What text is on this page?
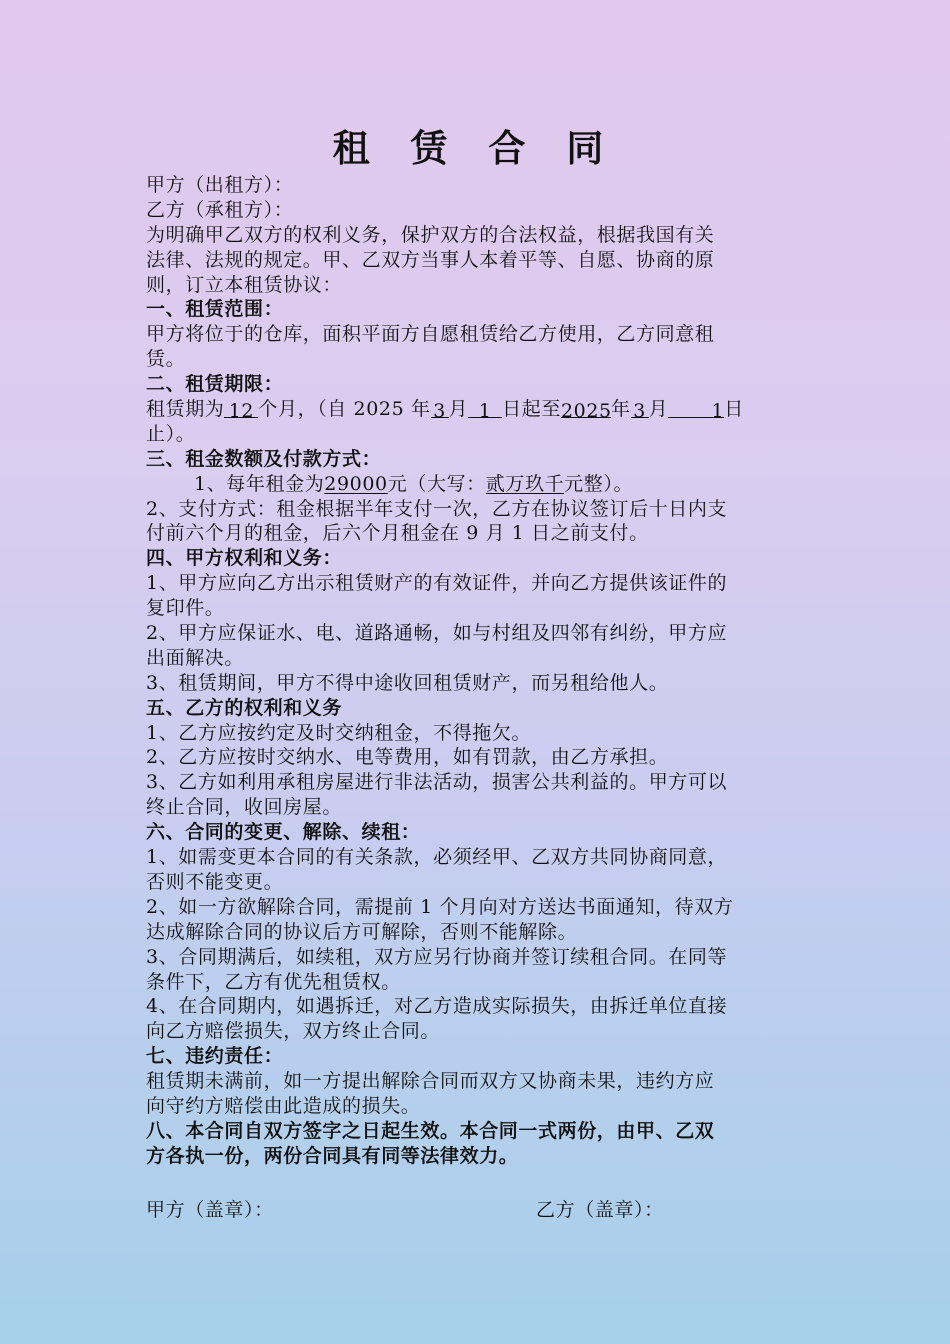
租 赁 合 同
甲方（出租方）：
乙方（承租方）：
为明确甲乙双方的权利义务，保护双方的合法权益，根据我国有关
法律、法规的规定。甲、乙双方当事人本着平等、自愿、协商的原
则，订立本租赁协议：
一、租赁范围：
甲方将位于的仓库，面积平面方自愿租赁给乙方使用，乙方同意租
赁。
二、租赁期限：
租赁期为 12 个月，（自 2025 年 3 月 1 日起至2025年 3 月 1日
止）。
三、租金数额及付款方式：
1、每年租金为29000元（大写：贰万玖千元整）。
2、支付方式：租金根据半年支付一次，乙方在协议签订后十日内支
付前六个月的租金，后六个月租金在 9 月 1 日之前支付。
四、甲方权利和义务：
1、甲方应向乙方出示租赁财产的有效证件，并向乙方提供该证件的
复印件。
2、甲方应保证水、电、道路通畅，如与村组及四邻有纠纷，甲方应
出面解决。
3、租赁期间，甲方不得中途收回租赁财产，而另租给他人。
五、乙方的权利和义务
1、乙方应按约定及时交纳租金，不得拖欠。
2、乙方应按时交纳水、电等费用，如有罚款，由乙方承担。
3、乙方如利用承租房屋进行非法活动，损害公共利益的。甲方可以
终止合同，收回房屋。
六、合同的变更、解除、续租：
1、如需变更本合同的有关条款，必须经甲、乙双方共同协商同意，
否则不能变更。
2、如一方欲解除合同，需提前 1 个月向对方送达书面通知，待双方
达成解除合同的协议后方可解除，否则不能解除。
3、合同期满后，如续租，双方应另行协商并签订续租合同。在同等
条件下，乙方有优先租赁权。
4、在合同期内，如遇拆迁，对乙方造成实际损失，由拆迁单位直接
向乙方赔偿损失，双方终止合同。
七、违约责任：
租赁期未满前，如一方提出解除合同而双方又协商未果，违约方应
向守约方赔偿由此造成的损失。
八、本合同自双方签字之日起生效。本合同一式两份，由甲、乙双
方各执一份，两份合同具有同等法律效力。
甲方（盖章）：	乙方（盖章）：
